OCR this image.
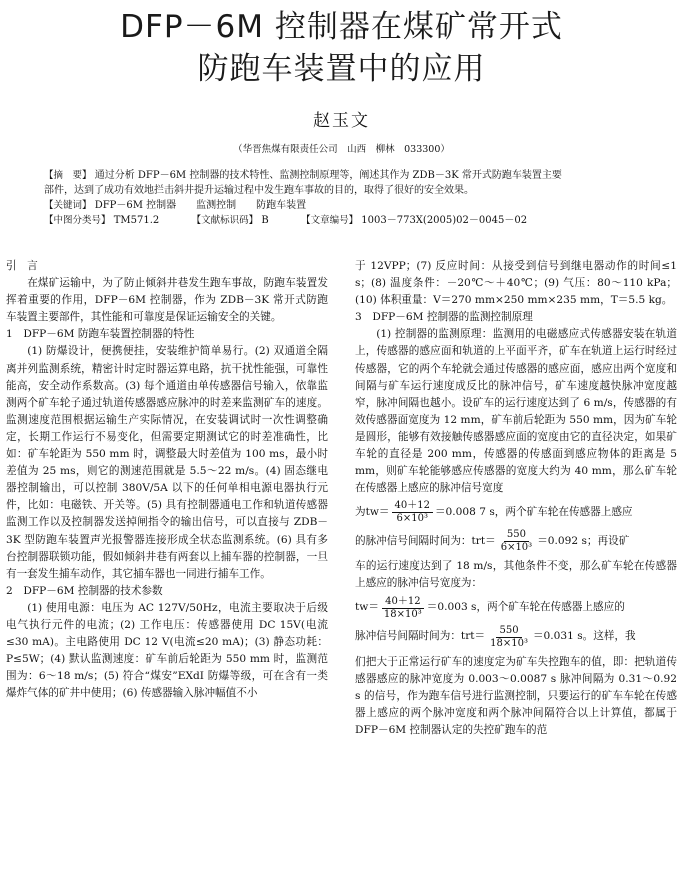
DFP－6M 控制器在煤矿常开式
防跑车装置中的应用
赵玉文
（华晋焦煤有限责任公司　山西　柳林　033300）
【摘　要】 通过分析 DFP－6M 控制器的技术特性、监测控制原理等，阐述其作为 ZDB－3K 常开式防跑车装置主要
部件，达到了成功有效地拦击斜井提升运输过程中发生跑车事故的目的，取得了很好的安全效果。
【关键词】 DFP－6M 控制器　　监测控制　　防跑车装置
【中图分类号】 TM571.2	【文献标识码】 B	【文章编号】 1003－773X(2005)02－0045－02

引　言

在煤矿运输中，为了防止倾斜井巷发生跑车事故，防跑车装置发挥着重要的作用，DFP－6M 控制器，作为 ZDB－3K 常开式防跑车装置主要部件，其性能和可靠度是保证运输安全的关键。

1　DFP－6M 防跑车装置控制器的特性

(1) 防爆设计，便携便挂，安装维护简单易行。(2) 双通道全隔离并列监测系统，精密计时定时器运算电路，抗干扰性能强，可靠性能高，安全动作系数高。(3) 每个通道由单传感器信号输入，依靠监测两个矿车轮子通过轨道传感器感应脉冲的时差来监测矿车的速度。监测速度范围根据运输生产实际情况，在安装调试时一次性调整确定，长期工作运行不易变化，但需要定期测试它的时差准确性，比如：矿车轮距为 550 mm 时，调整最大时差值为 100 ms，最小时差值为 25 ms，则它的测速范围就是 5.5～22 m/s。(4) 固态继电器控制输出，可以控制 380V/5A 以下的任何单相电源电器执行元件，比如：电磁铁、开关等。(5) 具有控制器通电工作和轨道传感器监测工作以及控制器发送掉闸指令的输出信号，可以直接与 ZDB－3K 型防跑车装置声光报警器连接形成全状态监测系统。(6) 具有多台控制器联锁功能，假如倾斜井巷有两套以上捕车器的控制器，一旦有一套发生捕车动作，其它捕车器也一同进行捕车工作。

2　DFP－6M 控制器的技术参数

(1) 使用电源：电压为 AC 127V/50Hz，电流主要取决于后级电气执行元件的电流；(2) 工作电压：传感器使用 DC 15V(电流≤30 mA)。主电路使用 DC 12 V(电流≤20 mA)；(3) 静态功耗：P≤5W；(4) 默认监测速度：矿车前后轮距为 550 mm 时，监测范围为：6～18 m/s；(5) 符合“煤安”EXdI 防爆等级，可在含有一类爆炸气体的矿井中使用；(6) 传感器输入脉冲幅值不小

于 12VPP；(7) 反应时间：从接受到信号到继电器动作的时间≤1 s；(8) 温度条件：－20℃～＋40℃；(9) 气压：80～110 kPa；(10) 体积重量：V＝270 mm×250 mm×235 mm，T＝5.5 kg。

3　DFP－6M 控制器的监测控制原理

(1) 控制器的监测原理：监测用的电磁感应式传感器安装在轨道上，传感器的感应面和轨道的上平面平齐，矿车在轨道上运行时经过传感器，它的两个车轮就会通过传感器的感应面，感应出两个宽度和间隔与矿车运行速度成反比的脉冲信号，矿车速度越快脉冲宽度越窄，脉冲间隔也越小。设矿车的运行速度达到了 6 m/s，传感器的有效传感器面宽度为 12 mm，矿车前后轮距为 550 mm，因为矿车轮是圆形，能够有效接触传感器感应面的宽度由它的直径决定，如果矿车轮的直径是 200 mm，传感器的传感面到感应物体的距离是 5 mm，则矿车轮能够感应传感器的宽度大约为 40 mm，那么矿车轮在传感器上感应的脉冲信号宽度

为$tw= \frac{40+12}{\text{6×10³}} =0.008$ 7 s，两个矿车轮在传感器上感应
的脉冲信号间隔时间为：$trt= \frac{550}{\text{6×10³}} =0.092$ s；再设矿

车的运行速度达到了 18 m/s，其他条件不变，那么矿车轮在传感器上感应的脉冲信号宽度为：

$tw= \frac{40+12}{\text{18×10³}} =0.003$ s，两个矿车轮在传感器上感应的
脉冲信号间隔时间为：$trt= \frac{550}{\text{18×10³}} =0.031$ s。这样，我

们把大于正常运行矿车的速度定为矿车失控跑车的值，即：把轨道传感器感应的脉冲宽度为 0.003～0.0087 s 脉冲间隔为 0.31～0.92 s 的信号，作为跑车信号进行监测控制，只要运行的矿车车轮在传感器上感应的两个脉冲宽度和两个脉冲间隔符合以上计算值，都属于 DFP－6M 控制器认定的失控矿跑车的范
